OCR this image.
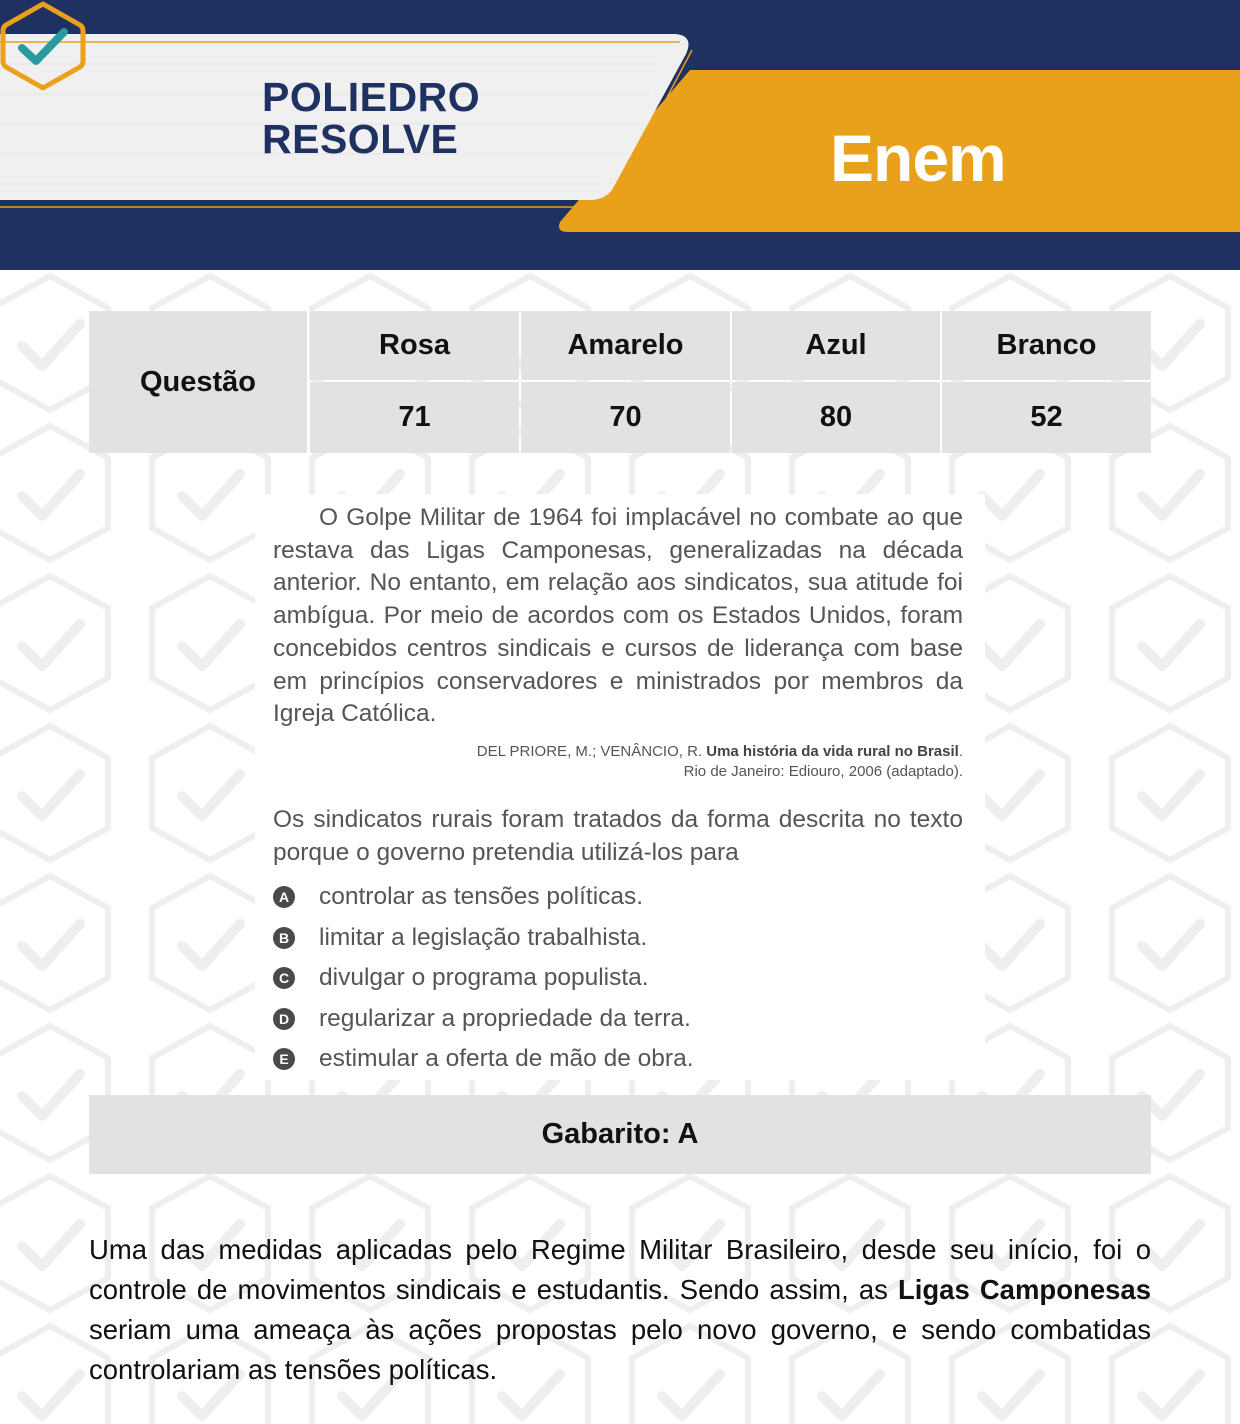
POLIEDRO
RESOLVE	Enem
Questão
Rosa	Amarelo	Azul	Branco
71	70	80	52

O Golpe Militar de 1964 foi implacável no combate ao que restava das Ligas Camponesas, generalizadas na década anterior. No entanto, em relação aos sindicatos, sua atitude foi ambígua. Por meio de acordos com os Estados Unidos, foram concebidos centros sindicais e cursos de liderança com base em princípios conservadores e ministrados por membros da Igreja Católica.

DEL PRIORE, M.; VENÂNCIO, R. Uma história da vida rural no Brasil.
Rio de Janeiro: Ediouro, 2006 (adaptado).
Os sindicatos rurais foram tratados da forma descrita no texto porque o governo pretendia utilizá-los para
A controlar as tensões políticas.
B limitar a legislação trabalhista.
C divulgar o programa populista.
D regularizar a propriedade da terra.
E estimular a oferta de mão de obra.
Gabarito: A
Uma das medidas aplicadas pelo Regime Militar Brasileiro, desde seu início, foi o controle de movimentos sindicais e estudantis. Sendo assim, as Ligas Camponesas seriam uma ameaça às ações propostas pelo novo governo, e sendo combatidas controlariam as tensões políticas.
